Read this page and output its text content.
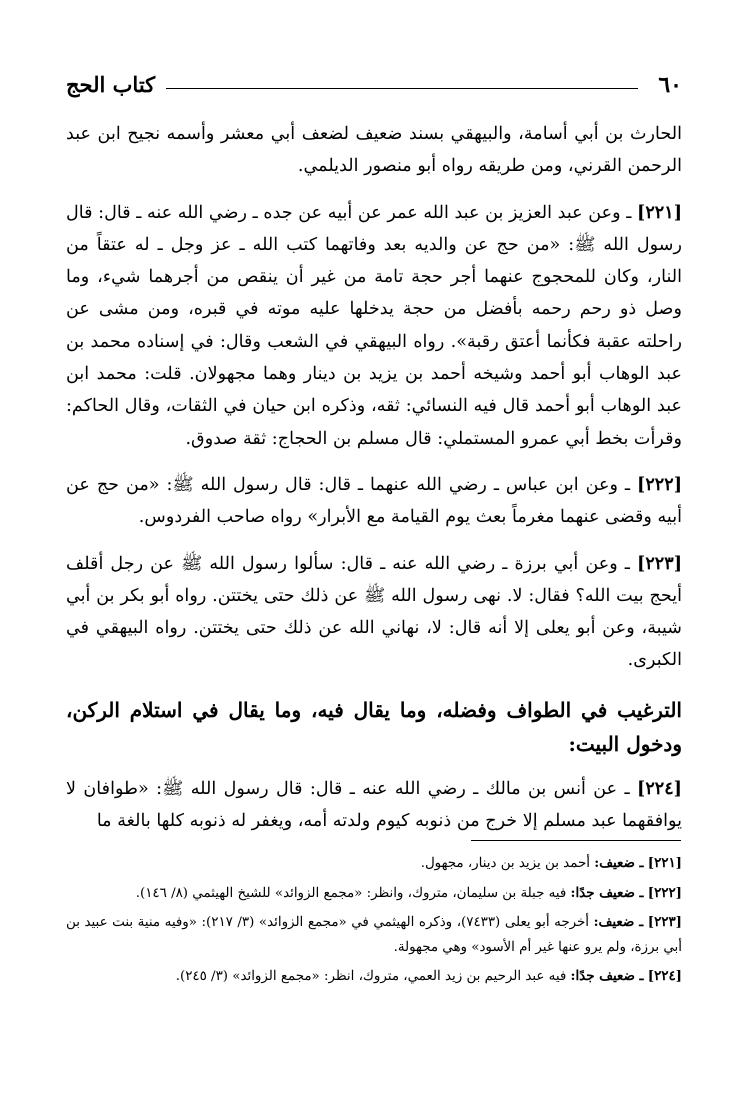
٦٠
كتاب الحج

الحارث بن أبي أسامة، والبيهقي بسند ضعيف لضعف أبي معشر وأسمه نجيح ابن عبد الرحمن القرني، ومن طريقه رواه أبو منصور الديلمي.

[٢٢١] ـ وعن عبد العزيز بن عبد الله عمر عن أبيه عن جده ـ رضي الله عنه ـ قال: قال رسول الله ﷺ: «من حج عن والديه بعد وفاتهما كتب الله ـ عز وجل ـ له عتقاً من النار، وكان للمحجوج عنهما أجر حجة تامة من غير أن ينقص من أجرهما شيء، وما وصل ذو رحم رحمه بأفضل من حجة يدخلها عليه موته في قبره، ومن مشى عن راحلته عقبة فكأنما أعتق رقبة». رواه البيهقي في الشعب وقال: في إسناده محمد بن عبد الوهاب أبو أحمد وشيخه أحمد بن يزيد بن دينار وهما مجهولان. قلت: محمد ابن عبد الوهاب أبو أحمد قال فيه النسائي: ثقه، وذكره ابن حيان في الثقات، وقال الحاكم: وقرأت بخط أبي عمرو المستملي: قال مسلم بن الحجاج: ثقة صدوق.

[٢٢٢] ـ وعن ابن عباس ـ رضي الله عنهما ـ قال: قال رسول الله ﷺ: «من حج عن أبيه وقضى عنهما مغرماً بعث يوم القيامة مع الأبرار» رواه صاحب الفردوس.

[٢٢٣] ـ وعن أبي برزة ـ رضي الله عنه ـ قال: سألوا رسول الله ﷺ عن رجل أقلف أيحج بيت الله؟ فقال: لا. نهى رسول الله ﷺ عن ذلك حتى يختتن. رواه أبو بكر بن أبي شيبة، وعن أبو يعلى إلا أنه قال: لا، نهاني الله عن ذلك حتى يختتن. رواه البيهقي في الكبرى.

الترغيب في الطواف وفضله، وما يقال فيه، وما يقال في استلام الركن، ودخول البيت:

[٢٢٤] ـ عن أنس بن مالك ـ رضي الله عنه ـ قال: قال رسول الله ﷺ: «طوافان لا يوافقهما عبد مسلم إلا خرج من ذنوبه كيوم ولدته أمه، ويغفر له ذنوبه كلها بالغة ما

[٢٢١] ـ ضعيف: أحمد بن يزيد بن دينار، مجهول.

[٢٢٢] ـ ضعيف جدًا: فيه جبلة بن سليمان، متروك، وانظر: «مجمع الزوائد» للشيخ الهيثمي (٨/ ١٤٦).

[٢٢٣] ـ ضعيف: أخرجه أبو يعلى (٧٤٣٣)، وذكره الهيثمي في «مجمع الزوائد» (٣/ ٢١٧): «وفيه منية بنت عبيد بن أبي برزة، ولم يرو عنها غير أم الأسود» وهي مجهولة.

[٢٢٤] ـ ضعيف جدًا: فيه عبد الرحيم بن زيد العمي، متروك، انظر: «مجمع الزوائد» (٣/ ٢٤٥).
